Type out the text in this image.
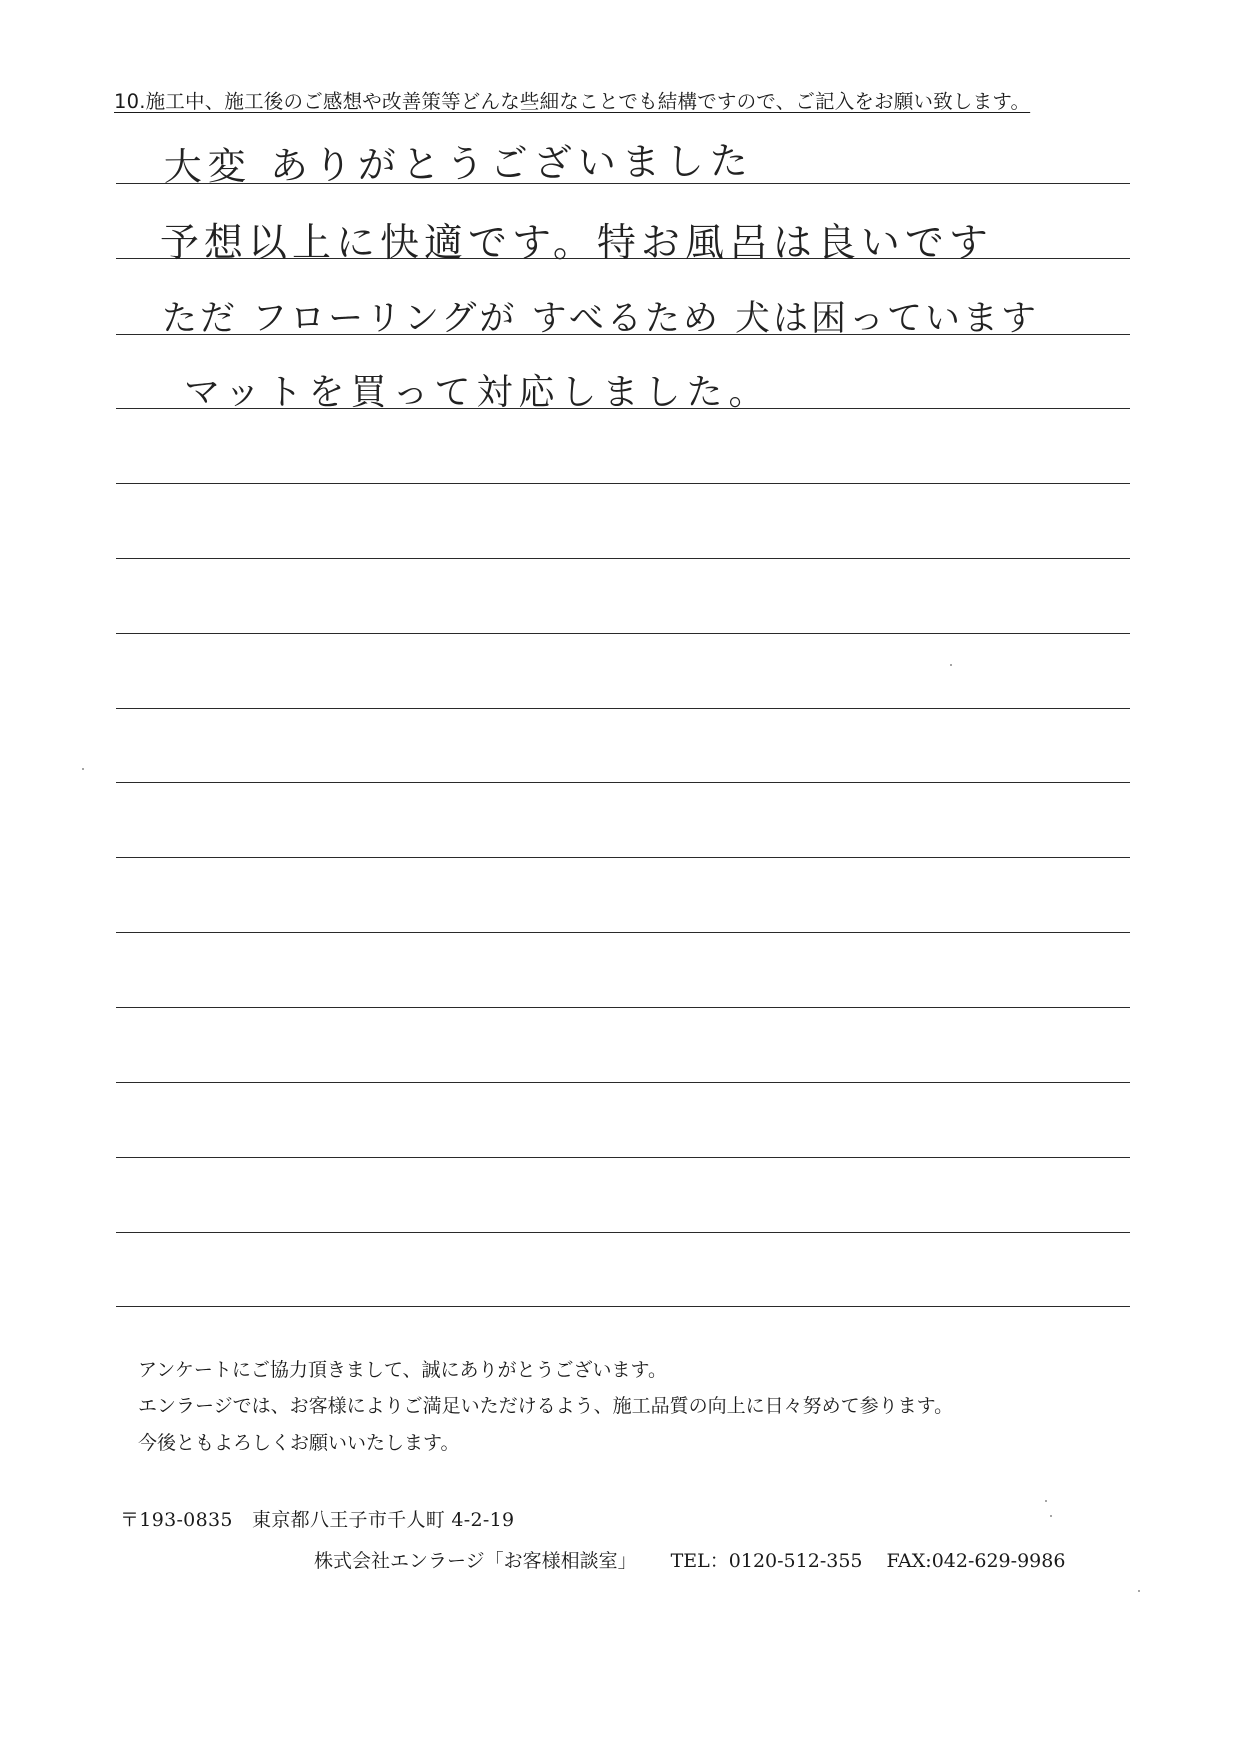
10.施工中、施工後のご感想や改善策等どんな些細なことでも結構ですので、ご記入をお願い致します。
大変 ありがとうございました
予想以上に快適です。特お風呂は良いです
ただ フローリングが すべるため 犬は困っています
マットを買って対応しました。
アンケートにご協力頂きまして、誠にありがとうございます。
エンラージでは、お客様によりご満足いただけるよう、施工品質の向上に日々努めて参ります。
今後ともよろしくお願いいたします。
〒193-0835　東京都八王子市千人町 4-2-19
株式会社エンラージ「お客様相談室」 TEL：0120-512-355 FAX:042-629-9986
